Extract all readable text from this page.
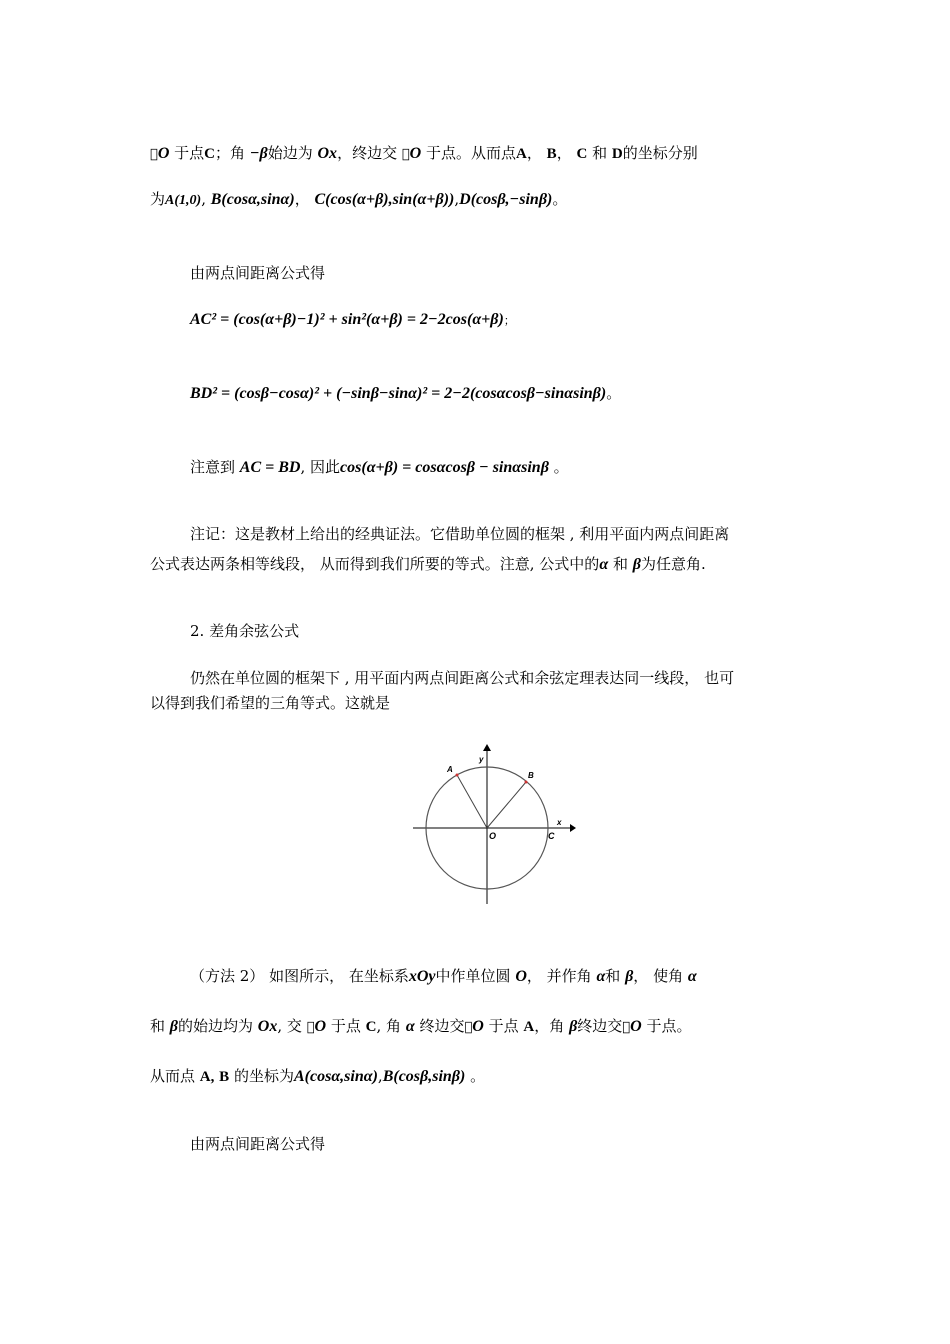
O 于点C；角 −β始边为 Ox，终边交 O 于点。从而点A， B， C 和 D的坐标分别
为A(1,0), B(cosα,sinα)， C(cos(α+β),sin(α+β)),D(cosβ,−sinβ)。
由两点间距离公式得
AC² = (cos(α+β)−1)² + sin²(α+β) = 2−2cos(α+β)；
BD² = (cosβ−cosα)² + (−sinβ−sinα)² = 2−2(cosαcosβ−sinαsinβ)。
注意到 AC = BD, 因此cos(α+β) = cosαcosβ − sinαsinβ 。
注记：这是教材上给出的经典证法。它借助单位圆的框架 , 利用平面内两点间距离
公式表达两条相等线段， 从而得到我们所要的等式。注意, 公式中的α 和 β为任意角.
2. 差角余弦公式
仍然在单位圆的框架下 , 用平面内两点间距离公式和余弦定理表达同一线段， 也可
以得到我们希望的三角等式。这就是
y
x
O
A
B
C
（方法 2） 如图所示， 在坐标系xOy中作单位圆 O， 并作角 α和 β， 使角 α
和 β的始边均为 Ox, 交 O 于点 C, 角 α 终边交 O 于点 A，角 β终边交 O 于点。
从而点 A, B 的坐标为A(cosα,sinα),B(cosβ,sinβ) 。
由两点间距离公式得
